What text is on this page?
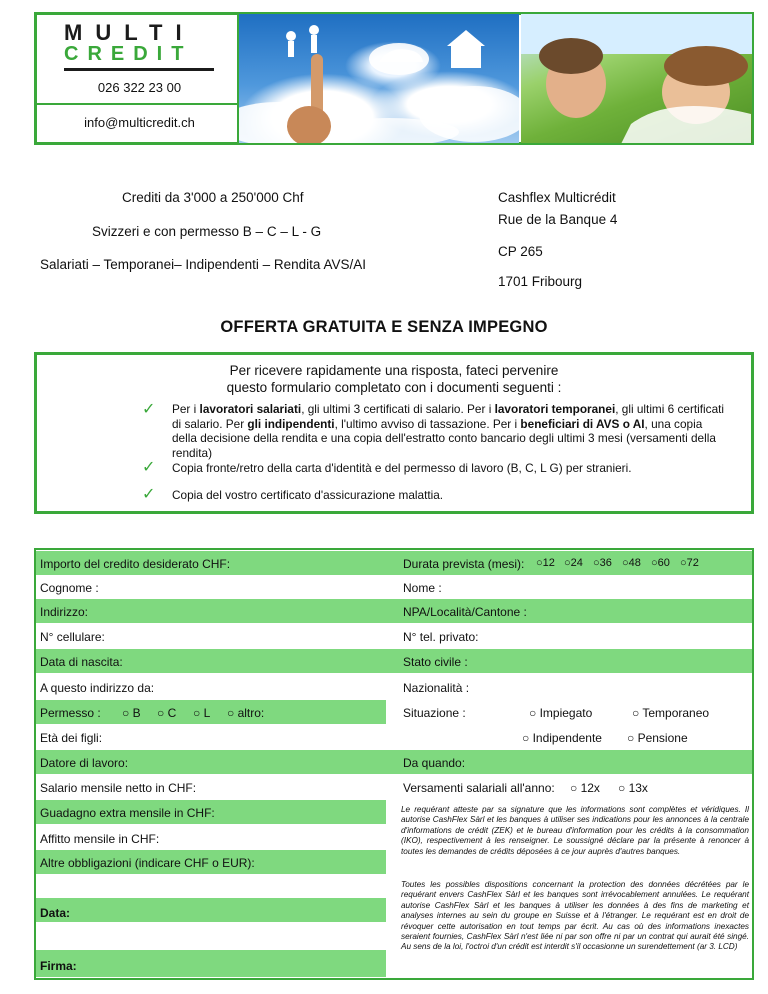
MULTI
CREDIT
026 322 23 00
info@multicredit.ch
Crediti da 3'000 a 250'000 Chf
Svizzeri e con permesso B – C – L - G
Salariati – Temporanei– Indipendenti – Rendita AVS/AI
Cashflex Multicrédit
Rue de la Banque 4
CP 265
1701 Fribourg
OFFERTA GRATUITA E SENZA IMPEGNO
Per ricevere rapidamente una risposta, fateci pervenire
questo formulario completato con i documenti seguenti :
✓ Per i lavoratori salariati, gli ultimi 3 certificati di salario. Per i lavoratori temporanei, gli ultimi 6 certificati di salario. Per gli indipendenti, l'ultimo avviso di tassazione. Per i beneficiari di AVS o AI, una copia della decisione della rendita e una copia dell'estratto conto bancario degli ultimi 3 mesi (versamenti della rendita)
✓ Copia fronte/retro della carta d'identità e del permesso di lavoro (B, C, L G) per stranieri.
✓ Copia del vostro certificato d'assicurazione malattia.
Importo del credito desiderato CHF:	Durata prevista (mesi): ○12 ○24 ○36 ○48 ○60 ○72
Cognome :	Nome :
Indirizzo:	NPA/Località/Cantone :
N° cellulare:	N° tel. privato:
Data di nascita:	Stato civile :
A questo indirizzo da:	Nazionalità :
Permesso : ○ B ○ C ○ L ○ altro:	Situazione :	○ Impiegato	○ Temporaneo
Età dei figli:	○ Indipendente ○ Pensione
Datore di lavoro:	Da quando:
Salario mensile netto in CHF:	Versamenti salariali all'anno: ○ 12x ○ 13x
Guadagno extra mensile in CHF:
Affitto mensile in CHF:
Altre obbligazioni (indicare CHF o EUR):
Data:
Firma:
Le requérant atteste par sa signature que les informations sont complètes et véridiques. Il autorise CashFlex Sàrl et les banques à utiliser ses indications pour les annonces à la centrale d'informations de crédit (ZEK) et le bureau d'information pour les crédits à la consommation (IKO), respectivement à les renseigner. Le soussigné déclare par la présente à renoncer à toutes les demandes de crédits déposées à ce jour auprès d'autres banques.
Toutes les possibles dispositions concernant la protection des données décrétées par le requérant envers CashFlex Sàrl et les banques sont irrévocablement annulées. Le requérant autorise CashFlex Sàrl et les banques à utiliser les données à des fins de marketing et analyses internes au sein du groupe en Suisse et à l'étranger. Le requérant est en droit de révoquer cette autorisation en tout temps par écrit. Au cas où des informations inexactes seraient fournies, CashFlex Sàrl n'est liée ni par son offre ni par un contrat qui aurait été singé. Au sens de la loi, l'octroi d'un crédit est interdit s'il occasionne un surendettement (ar 3. LCD)
